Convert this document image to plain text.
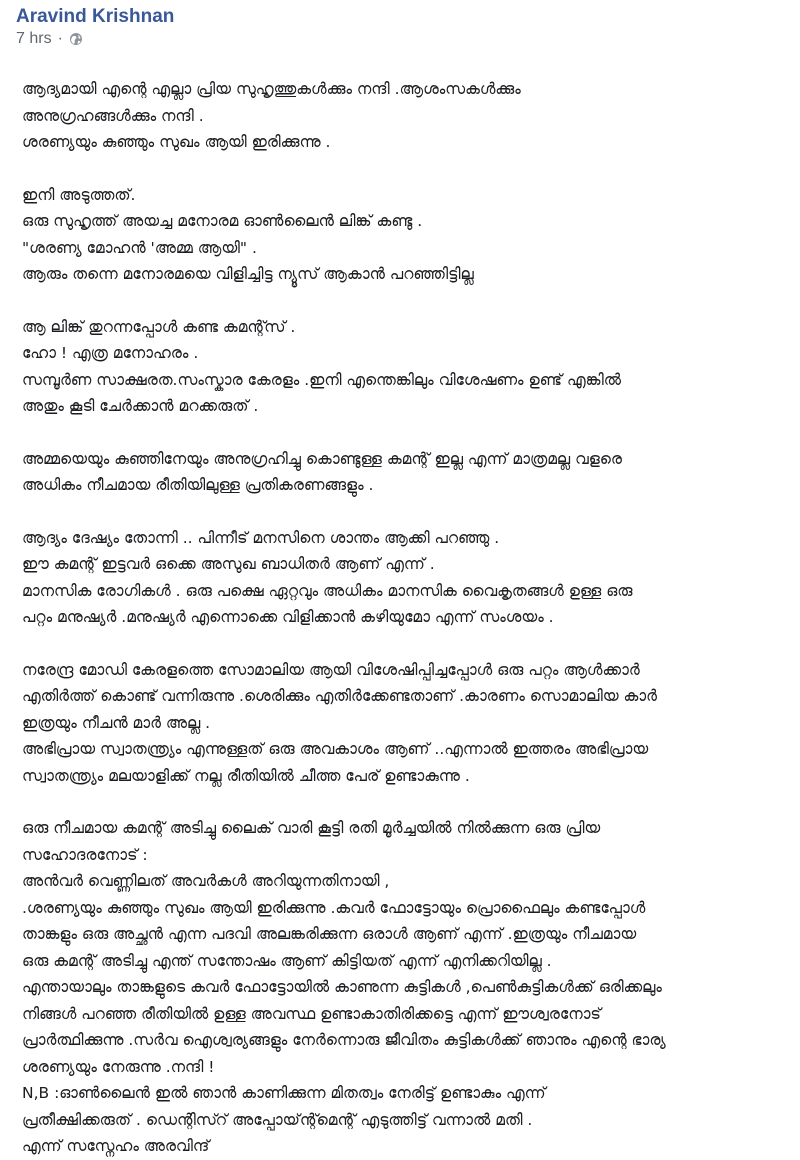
Aravind Krishnan
7 hrs ·
ആദ്യമായി എന്റെ എല്ലാ പ്രിയ സുഹൃത്തുകൾക്കും നന്ദി .ആശംസകൾക്കും
അനുഗ്രഹങ്ങൾക്കും നന്ദി .
ശരണ്യയും കുഞ്ഞും സുഖം ആയി ഇരിക്കുന്നു .
ഇനി അടുത്തത്.
ഒരു സുഹൃത്ത് അയച്ച മനോരമ ഓൺലൈൻ ലിങ്ക് കണ്ടു .
"ശരണ്യ മോഹൻ 'അമ്മ ആയി" .
ആരും തന്നെ മനോരമയെ വിളിച്ചിട്ട ന്യൂസ് ആകാൻ പറഞ്ഞിട്ടില്ല
ആ ലിങ്ക് തുറന്നപ്പോൾ കണ്ട കമന്റ്സ് .
ഹോ ! എത്ര മനോഹരം .
സമ്പൂർണ സാക്ഷരത.സംസ്കാര കേരളം .ഇനി എന്തെങ്കിലും വിശേഷണം ഉണ്ട് എങ്കിൽ
അതും കൂടി ചേർക്കാൻ മറക്കരുത് .
അമ്മയെയും കുഞ്ഞിനേയും അനുഗ്രഹിച്ചു കൊണ്ടുള്ള കമന്റ് ഇല്ല എന്ന് മാത്രമല്ല വളരെ
അധികം നീചമായ രീതിയിലുള്ള പ്രതികരണങ്ങളും .
ആദ്യം ദേഷ്യം തോന്നി .. പിന്നീട് മനസിനെ ശാന്തം ആക്കി പറഞ്ഞു .
ഈ കമന്റ് ഇട്ടവർ ഒക്കെ അസുഖ ബാധിതർ ആണ് എന്ന് .
മാനസിക രോഗികൾ . ഒരു പക്ഷെ ഏറ്റവും അധികം മാനസിക വൈകൃതങ്ങൾ ഉള്ള ഒരു
പറ്റം മനുഷ്യർ .മനുഷ്യർ എന്നൊക്കെ വിളിക്കാൻ കഴിയുമോ എന്ന് സംശയം .
നരേന്ദ്ര മോഡി കേരളത്തെ സോമാലിയ ആയി വിശേഷിപ്പിച്ചപ്പോൾ ഒരു പറ്റം ആൾക്കാർ
എതിർത്ത് കൊണ്ട് വന്നിരുന്നു .ശെരിക്കും എതിർക്കേണ്ടതാണ് .കാരണം സൊമാലിയ കാർ
ഇത്രയും നീചൻ മാർ അല്ല .
അഭിപ്രായ സ്വാതന്ത്ര്യം എന്നുള്ളത് ഒരു അവകാശം ആണ് ..എന്നാൽ ഇത്തരം അഭിപ്രായ
സ്വാതന്ത്ര്യം മലയാളിക്ക് നല്ല രീതിയിൽ ചീത്ത പേര് ഉണ്ടാകുന്നു .
ഒരു നീചമായ കമന്റ് അടിച്ചു ലൈക് വാരി കൂട്ടി രതി മൂർച്ചയിൽ നിൽക്കുന്ന ഒരു പ്രിയ
സഹോദരനോട് :
അൻവർ വെണ്ണിലത് അവർകൾ അറിയുന്നതിനായി ,
.ശരണ്യയും കുഞ്ഞും സുഖം ആയി ഇരിക്കുന്നു .കവർ ഫോട്ടോയും പ്രൊഫൈലും കണ്ടപ്പോൾ
താങ്കളും ഒരു അച്ഛൻ എന്ന പദവി അലങ്കരിക്കുന്ന ഒരാൾ ആണ് എന്ന് .ഇത്രയും നീചമായ
ഒരു കമന്റ് അടിച്ചു എന്ത് സന്തോഷം ആണ് കിട്ടിയത് എന്ന് എനിക്കറിയില്ല .
എന്തായാലും താങ്കളുടെ കവർ ഫോട്ടോയിൽ കാണുന്ന കുട്ടികൾ ,പെൺകുട്ടികൾക്ക് ഒരിക്കലും
നിങ്ങൾ പറഞ്ഞ രീതിയിൽ ഉള്ള അവസ്ഥ ഉണ്ടാകാതിരിക്കട്ടെ എന്ന് ഈശ്വരനോട്
പ്രാർത്ഥിക്കുന്നു .സർവ ഐശ്വര്യങ്ങളും നേർന്നൊരു ജീവിതം കുട്ടികൾക്ക് ഞാനും എന്റെ ഭാര്യ
ശരണ്യയും നേരുന്നു .നന്ദി !
N,B :ഓൺലൈൻ ഇൽ ഞാൻ കാണിക്കുന്ന മിതത്വം നേരിട്ട് ഉണ്ടാകും എന്ന്
പ്രതീക്ഷിക്കരുത് . ഡെന്റിസ്റ് അപ്പോയ്ന്റ്മെന്റ് എടുത്തിട്ട് വന്നാൽ മതി .
എന്ന് സസ്നേഹം അരവിന്ദ്
